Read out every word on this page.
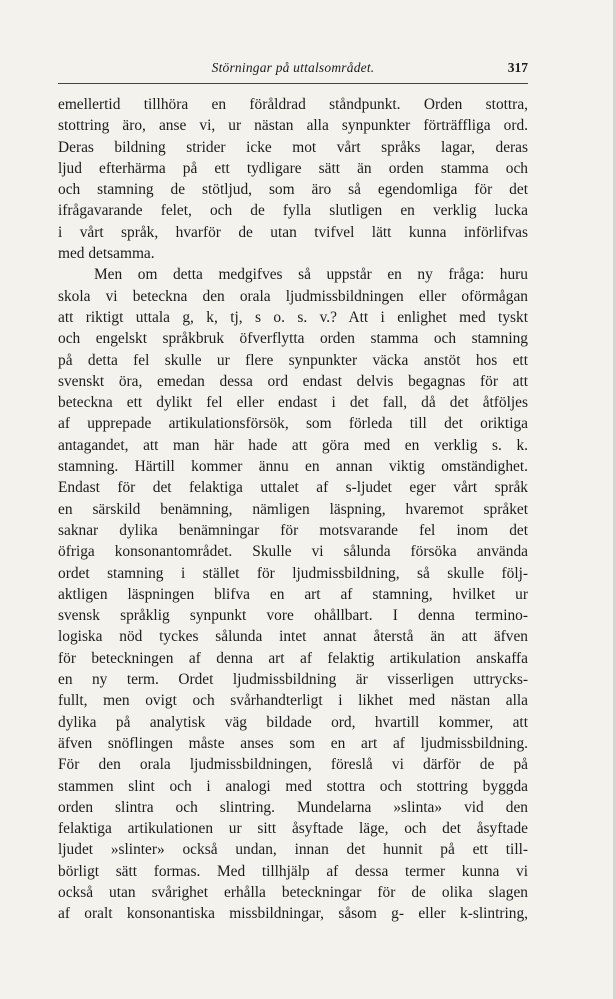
Störningar på uttalsområdet.	317
emellertid tillhöra en föråldrad ståndpunkt. Orden stottra,
stottring äro, anse vi, ur nästan alla synpunkter förträffliga ord.
Deras bildning strider icke mot vårt språks lagar, deras
ljud efterhärma på ett tydligare sätt än orden stamma och
och stamning de stötljud, som äro så egendomliga för det
ifrågavarande felet, och de fylla slutligen en verklig lucka
i vårt språk, hvarför de utan tvifvel lätt kunna införlifvas
med detsamma.
Men om detta medgifves så uppstår en ny fråga: huru
skola vi beteckna den orala ljudmissbildningen eller oförmågan
att riktigt uttala g, k, tj, s o. s. v.? Att i enlighet med tyskt
och engelskt språkbruk öfverflytta orden stamma och stamning
på detta fel skulle ur flere synpunkter väcka anstöt hos ett
svenskt öra, emedan dessa ord endast delvis begagnas för att
beteckna ett dylikt fel eller endast i det fall, då det åtföljes
af upprepade artikulationsförsök, som förleda till det oriktiga
antagandet, att man här hade att göra med en verklig s. k.
stamning. Härtill kommer ännu en annan viktig omständighet.
Endast för det felaktiga uttalet af s-ljudet eger vårt språk
en särskild benämning, nämligen läspning, hvaremot språket
saknar dylika benämningar för motsvarande fel inom det
öfriga konsonantområdet. Skulle vi sålunda försöka använda
ordet stamning i stället för ljudmissbildning, så skulle följ-
aktligen läspningen blifva en art af stamning, hvilket ur
svensk språklig synpunkt vore ohållbart. I denna termino-
logiska nöd tyckes sålunda intet annat återstå än att äfven
för beteckningen af denna art af felaktig artikulation anskaffa
en ny term. Ordet ljudmissbildning är visserligen uttrycks-
fullt, men ovigt och svårhandterligt i likhet med nästan alla
dylika på analytisk väg bildade ord, hvartill kommer, att
äfven snöflingen måste anses som en art af ljudmissbildning.
För den orala ljudmissbildningen, föreslå vi därför de på
stammen slint och i analogi med stottra och stottring byggda
orden slintra och slintring. Mundelarna »slinta» vid den
felaktiga artikulationen ur sitt åsyftade läge, och det åsyftade
ljudet »slinter» också undan, innan det hunnit på ett till-
börligt sätt formas. Med tillhjälp af dessa termer kunna vi
också utan svårighet erhålla beteckningar för de olika slagen
af oralt konsonantiska missbildningar, såsom g- eller k-slintring,
